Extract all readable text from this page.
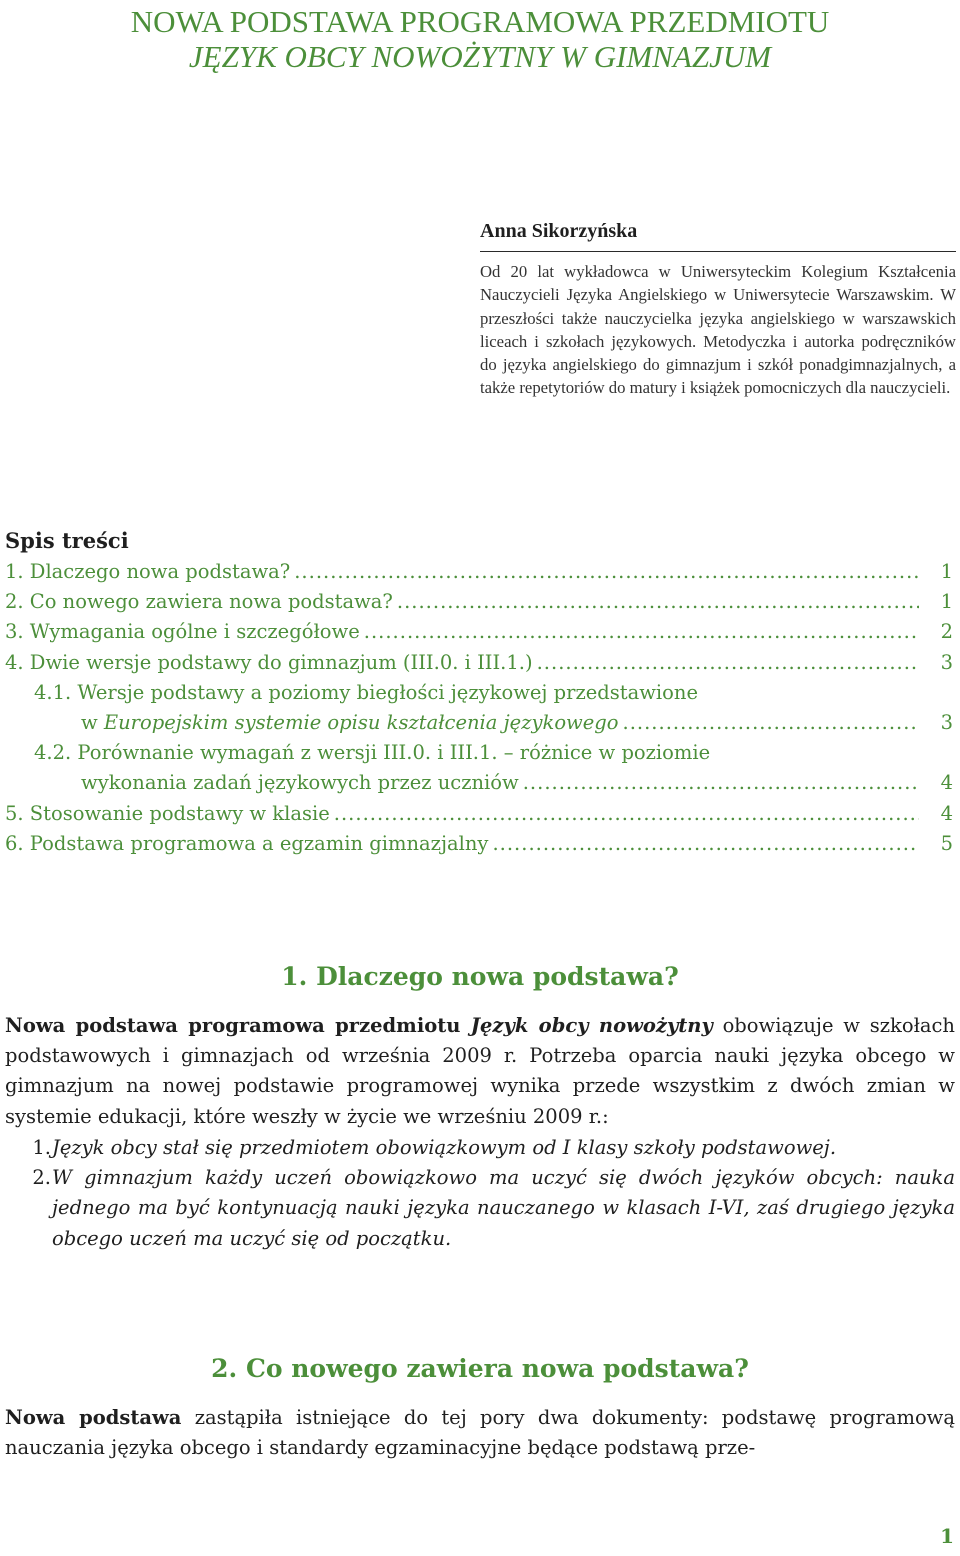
NOWA PODSTAWA PROGRAMOWA PRZEDMIOTU
JĘZYK OBCY NOWOŻYTNY W GIMNAZJUM

Anna Sikorzyńska

Od 20 lat wykładowca w Uniwersyteckim Kolegium Kształcenia Nauczycieli Języka Angielskiego w Uniwersytecie Warszawskim. W przeszłości także nauczycielka języka angielskiego w warszawskich liceach i szkołach językowych. Metodyczka i autorka podręczników do języka angielskiego do gimnazjum i szkół ponadgimnazjalnych, a także repetytoriów do matury i książek pomocniczych dla nauczycieli.

Spis treści

1. Dlaczego nowa podstawa? .....	1
2. Co nowego zawiera nowa podstawa? .....	1
3. Wymagania ogólne i szczegółowe .....	2
4. Dwie wersje podstawy do gimnazjum (III.0. i III.1.) .....	3
4.1. Wersje podstawy a poziomy biegłości językowej przedstawione
w Europejskim systemie opisu kształcenia językowego .....	3
4.2. Porównanie wymagań z wersji III.0. i III.1. – różnice w poziomie
wykonania zadań językowych przez uczniów .....	4
5. Stosowanie podstawy w klasie .....	4
6. Podstawa programowa a egzamin gimnazjalny .....	5
1. Dlaczego nowa podstawa?

Nowa podstawa programowa przedmiotu Język obcy nowożytny obowiązuje w szkołach podstawowych i gimnazjach od września 2009 r. Potrzeba oparcia nauki języka obcego w gimnazjum na nowej podstawie programowej wynika przede wszystkim z dwóch zmian w systemie edukacji, które weszły w życie we wrześniu 2009 r.:

1. Język obcy stał się przedmiotem obowiązkowym od I klasy szkoły podstawowej.
2. W gimnazjum każdy uczeń obowiązkowo ma uczyć się dwóch języków obcych: nauka jednego ma być kontynuacją nauki języka nauczanego w klasach I-VI, zaś drugiego języka obcego uczeń ma uczyć się od początku.
2. Co nowego zawiera nowa podstawa?

Nowa podstawa zastąpiła istniejące do tej pory dwa dokumenty: podstawę programową nauczania języka obcego i standardy egzaminacyjne będące podstawą prze-

1
